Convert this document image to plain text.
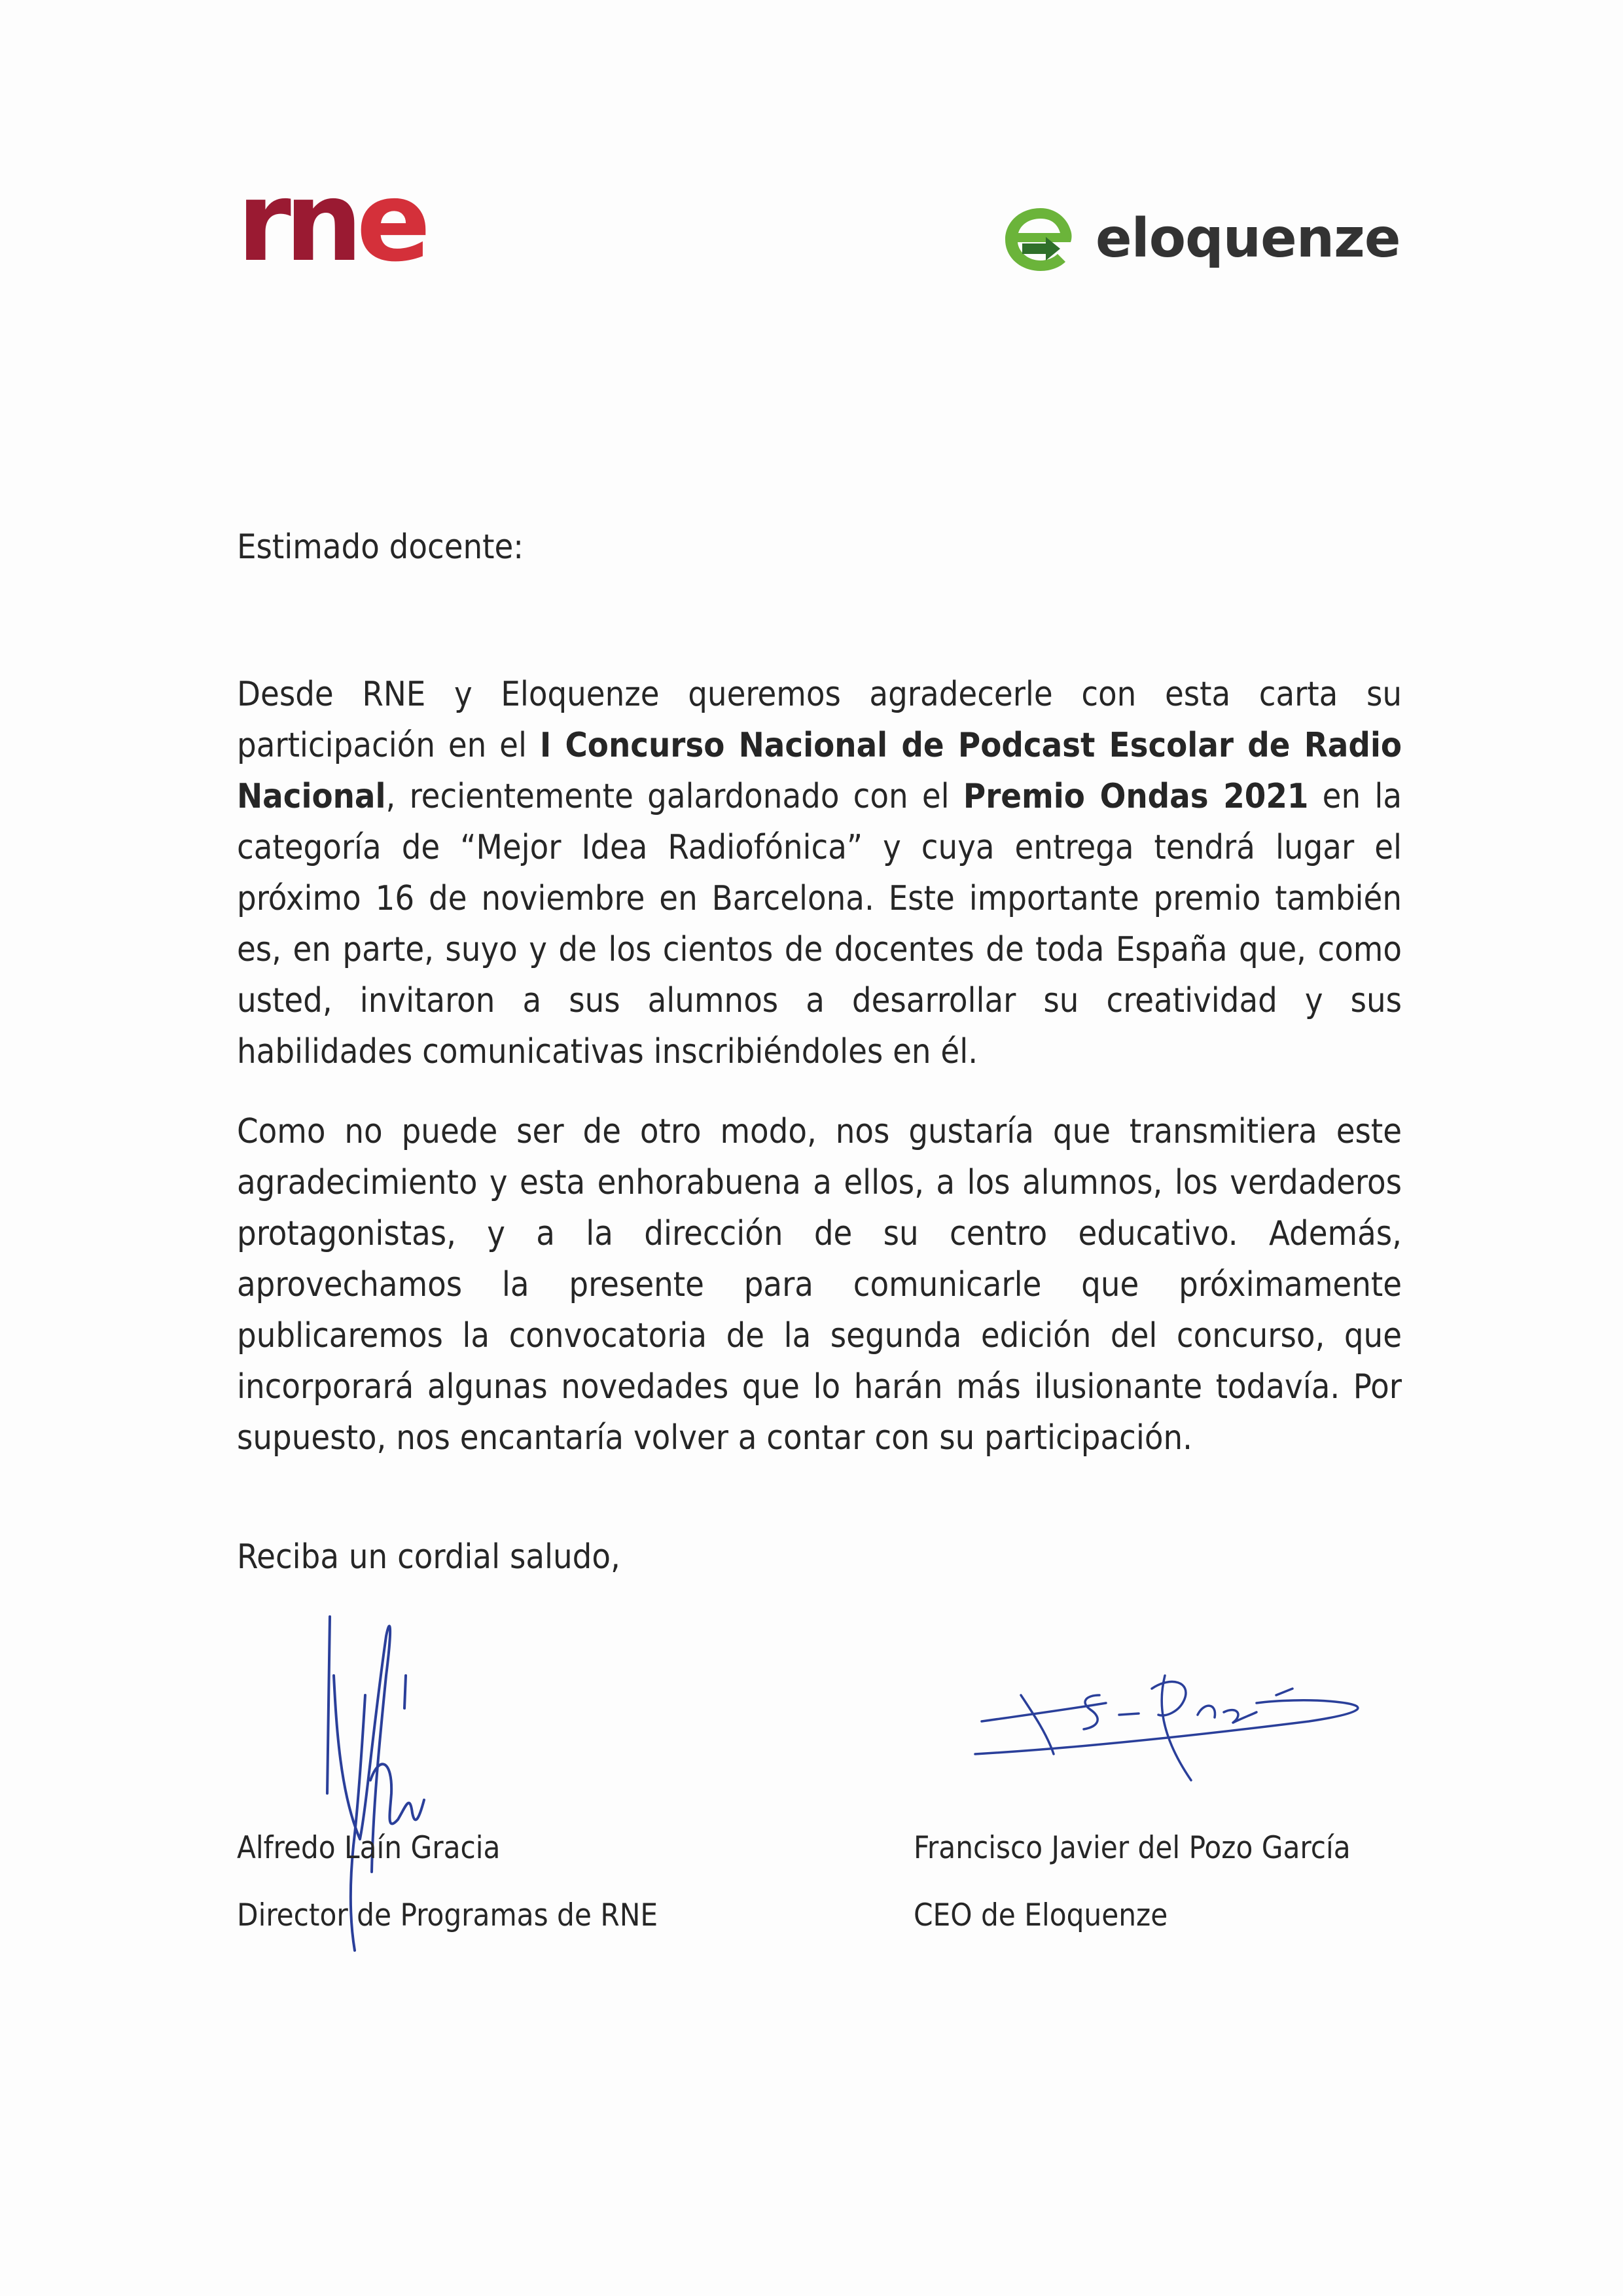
rne	eloquenze
Estimado docente:
Desde RNE y Eloquenze queremos agradecerle con esta carta su participación en el I Concurso Nacional de Podcast Escolar de Radio Nacional, recientemente galardonado con el Premio Ondas 2021 en la categoría de “Mejor Idea Radiofónica” y cuya entrega tendrá lugar el próximo 16 de noviembre en Barcelona. Este importante premio también es, en parte, suyo y de los cientos de docentes de toda España que, como usted, invitaron a sus alumnos a desarrollar su creatividad y sus habilidades comunicativas inscribiéndoles en él.
Como no puede ser de otro modo, nos gustaría que transmitiera este agradecimiento y esta enhorabuena a ellos, a los alumnos, los verdaderos protagonistas, y a la dirección de su centro educativo. Además, aprovechamos la presente para comunicarle que próximamente publicaremos la convocatoria de la segunda edición del concurso, que incorporará algunas novedades que lo harán más ilusionante todavía. Por supuesto, nos encantaría volver a contar con su participación.
Reciba un cordial saludo,
Alfredo Laín Gracia
Director de Programas de RNE
Francisco Javier del Pozo García
CEO de Eloquenze
